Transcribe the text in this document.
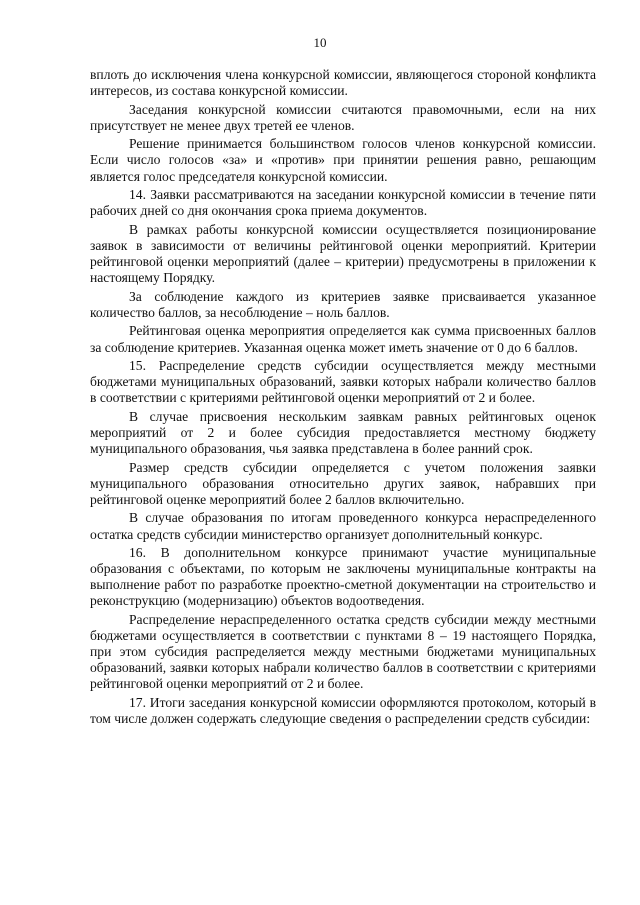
10

вплоть до исключения члена конкурсной комиссии, являющегося стороной конфликта интересов, из состава конкурсной комиссии.

Заседания конкурсной комиссии считаются правомочными, если на них присутствует не менее двух третей ее членов.

Решение принимается большинством голосов членов конкурсной комиссии. Если число голосов «за» и «против» при принятии решения равно, решающим является голос председателя конкурсной комиссии.

14. Заявки рассматриваются на заседании конкурсной комиссии в течение пяти рабочих дней со дня окончания срока приема документов.

В рамках работы конкурсной комиссии осуществляется позиционирование заявок в зависимости от величины рейтинговой оценки мероприятий. Критерии рейтинговой оценки мероприятий (далее – критерии) предусмотрены в приложении к настоящему Порядку.

За соблюдение каждого из критериев заявке присваивается указанное количество баллов, за несоблюдение – ноль баллов.

Рейтинговая оценка мероприятия определяется как сумма присвоенных баллов за соблюдение критериев. Указанная оценка может иметь значение от 0 до 6 баллов.

15. Распределение средств субсидии осуществляется между местными бюджетами муниципальных образований, заявки которых набрали количество баллов в соответствии с критериями рейтинговой оценки мероприятий от 2 и более.

В случае присвоения нескольким заявкам равных рейтинговых оценок мероприятий от 2 и более субсидия предоставляется местному бюджету муниципального образования, чья заявка представлена в более ранний срок.

Размер средств субсидии определяется с учетом положения заявки муниципального образования относительно других заявок, набравших при рейтинговой оценке мероприятий более 2 баллов включительно.

В случае образования по итогам проведенного конкурса нераспределенного остатка средств субсидии министерство организует дополнительный конкурс.

16. В дополнительном конкурсе принимают участие муниципальные образования с объектами, по которым не заключены муниципальные контракты на выполнение работ по разработке проектно-сметной документации на строительство и реконструкцию (модернизацию) объектов водоотведения.

Распределение нераспределенного остатка средств субсидии между местными бюджетами осуществляется в соответствии с пунктами 8 – 19 настоящего Порядка, при этом субсидия распределяется между местными бюджетами муниципальных образований, заявки которых набрали количество баллов в соответствии с критериями рейтинговой оценки мероприятий от 2 и более.

17. Итоги заседания конкурсной комиссии оформляются протоколом, который в том числе должен содержать следующие сведения о распределении средств субсидии:
